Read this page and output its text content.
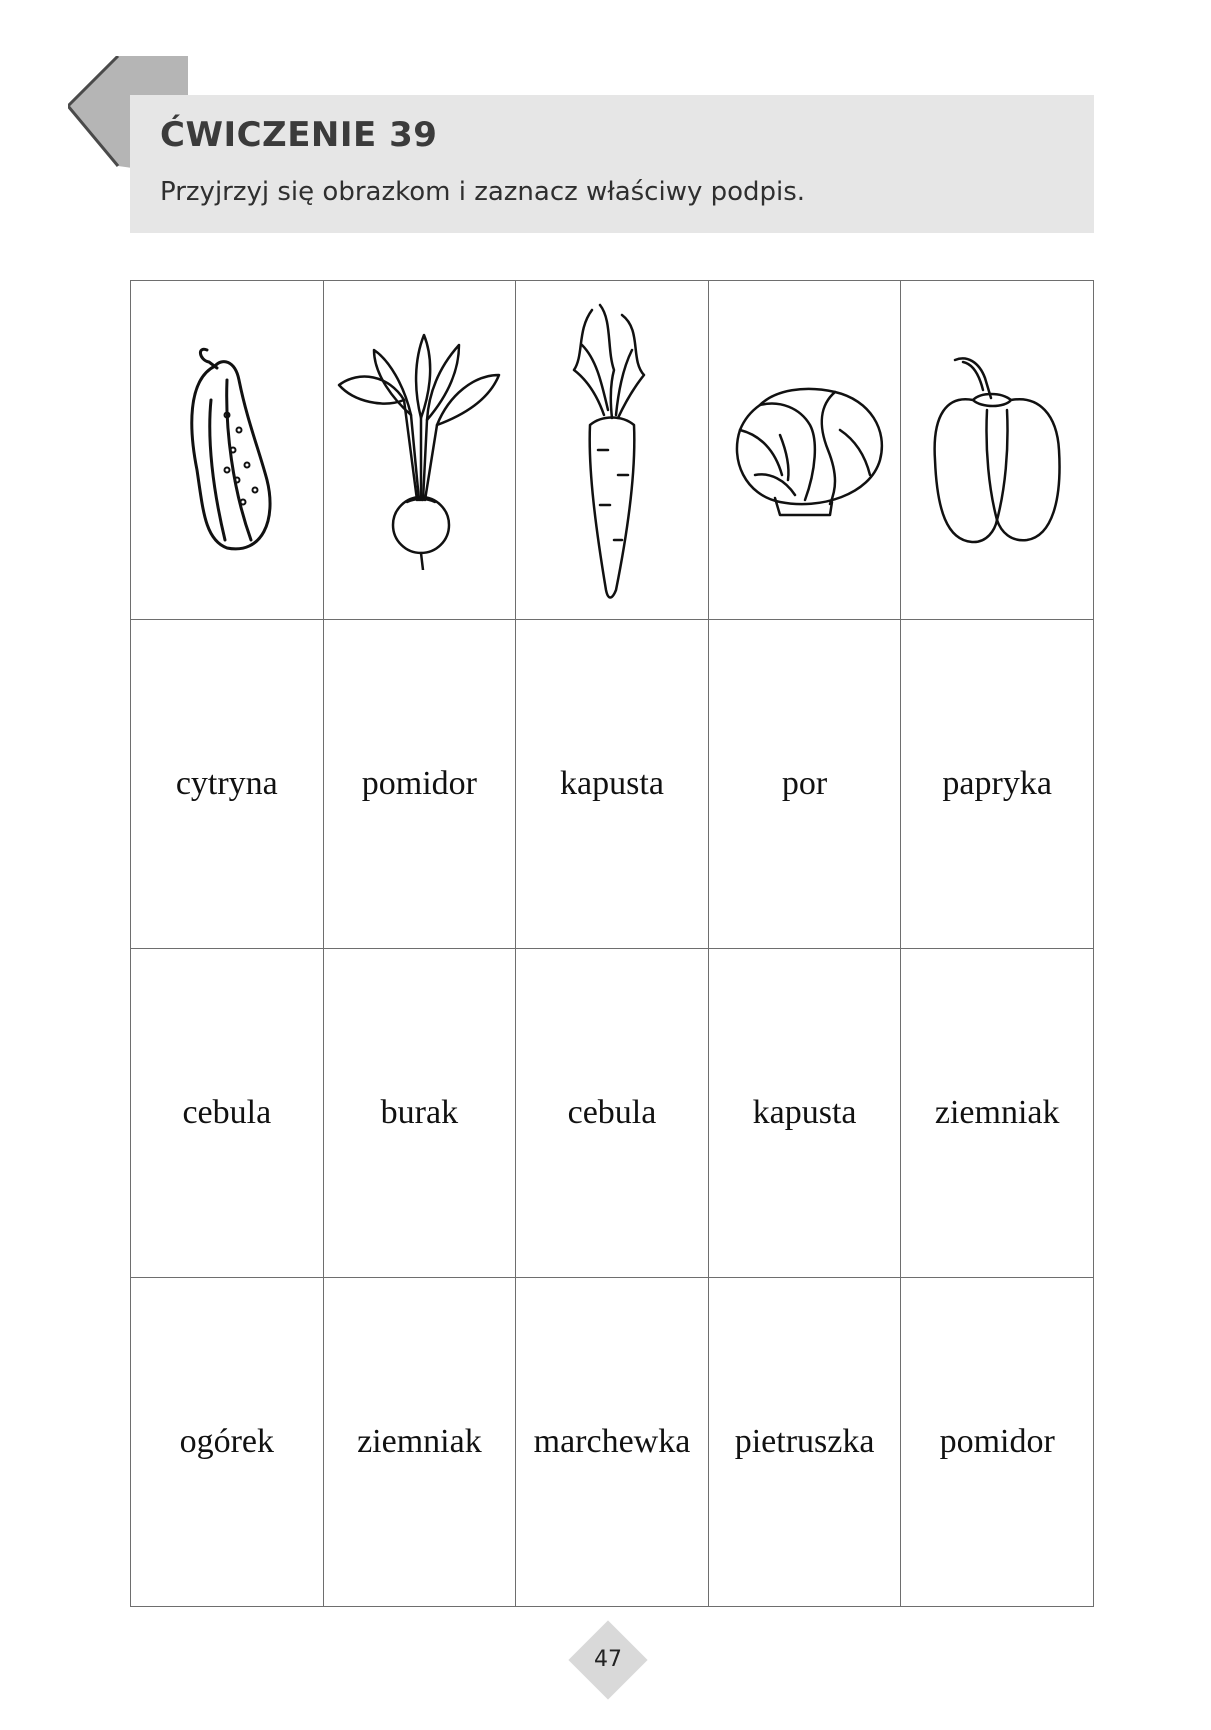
ĆWICZENIE 39
Przyjrzyj się obrazkom i zaznacz właściwy podpis.

cytryna	pomidor	kapusta	por	papryka
cebula	burak	cebula	kapusta	ziemniak
ogórek	ziemniak	marchewka	pietruszka	pomidor
47
